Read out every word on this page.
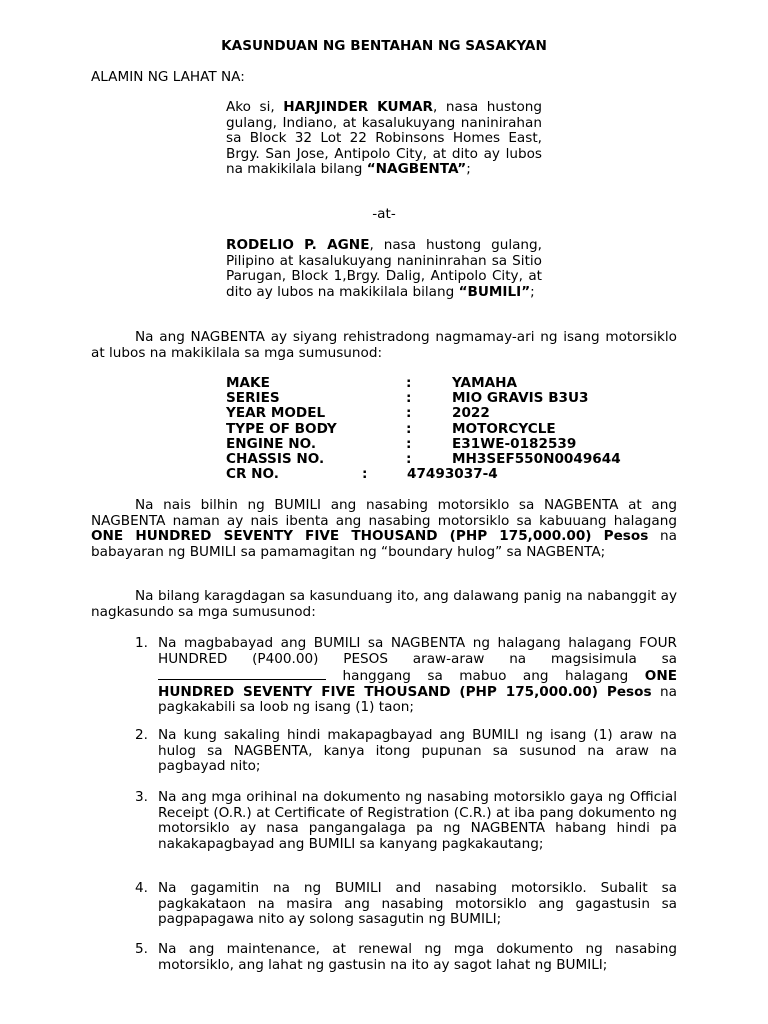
KASUNDUAN NG BENTAHAN NG SASAKYAN

ALAMIN NG LAHAT NA:

Ako si, HARJINDER KUMAR, nasa hustong gulang, Indiano, at kasalukuyang naninirahan sa Block 32 Lot 22 Robinsons Homes East, Brgy. San Jose, Antipolo City, at dito ay lubos na makikilala bilang “NAGBENTA”;

-at-

RODELIO P. AGNE, nasa hustong gulang, Pilipino at kasalukuyang nanininrahan sa Sitio Parugan, Block 1,Brgy. Dalig, Antipolo City, at dito ay lubos na makikilala bilang “BUMILI”;

Na ang NAGBENTA ay siyang rehistradong nagmamay-ari ng isang motorsiklo at lubos na makikilala sa mga sumusunod:

MAKE	:	YAMAHA
SERIES	:	MIO GRAVIS B3U3
YEAR MODEL	:	2022
TYPE OF BODY	:	MOTORCYCLE
ENGINE NO.	:	E31WE-0182539
CHASSIS NO.	:	MH3SEF550N0049644
CR NO.	:	47493037-4

Na nais bilhin ng BUMILI ang nasabing motorsiklo sa NAGBENTA at ang NAGBENTA naman ay nais ibenta ang nasabing motorsiklo sa kabuuang halagang ONE HUNDRED SEVENTY FIVE THOUSAND (PHP 175,000.00) Pesos na babayaran ng BUMILI sa pamamagitan ng “boundary hulog” sa NAGBENTA;

Na bilang karagdagan sa kasunduang ito, ang dalawang panig na nabanggit ay nagkasundo sa mga sumusunod:

1. Na magbabayad ang BUMILI sa NAGBENTA ng halagang halagang FOUR HUNDRED (P400.00) PESOS araw-araw na magsisimula sa  hanggang sa mabuo ang halagang ONE HUNDRED SEVENTY FIVE THOUSAND (PHP 175,000.00) Pesos na pagkakabili sa loob ng isang (1) taon;

2. Na kung sakaling hindi makapagbayad ang BUMILI ng isang (1) araw na hulog sa NAGBENTA, kanya itong pupunan sa susunod na araw na pagbayad nito;

3. Na ang mga orihinal na dokumento ng nasabing motorsiklo gaya ng Official Receipt (O.R.) at Certificate of Registration (C.R.) at iba pang dokumento ng motorsiklo ay nasa pangangalaga pa ng NAGBENTA habang hindi pa nakakapagbayad ang BUMILI sa kanyang pagkakautang;

4. Na gagamitin na ng BUMILI and nasabing motorsiklo. Subalit sa pagkakataon na masira ang nasabing motorsiklo ang gagastusin sa pagpapagawa nito ay solong sasagutin ng BUMILI;

5. Na ang maintenance, at renewal ng mga dokumento ng nasabing motorsiklo, ang lahat ng gastusin na ito ay sagot lahat ng BUMILI;
